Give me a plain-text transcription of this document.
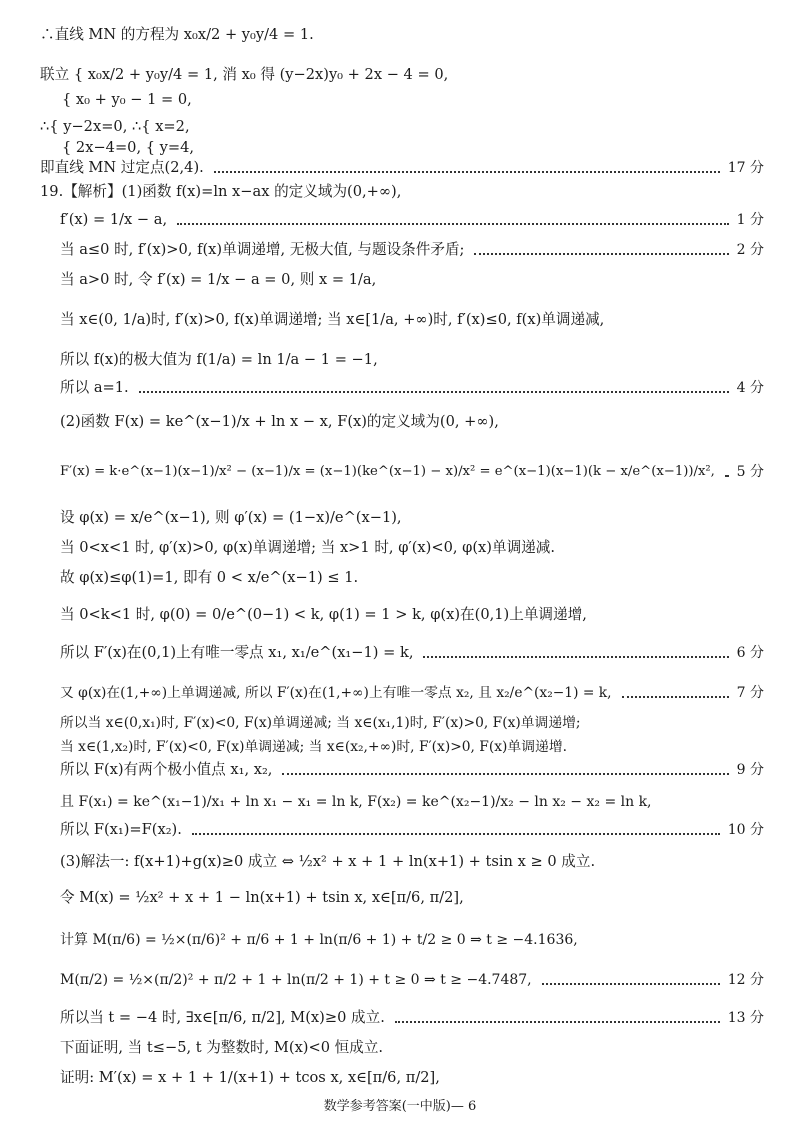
∴直线 MN 的方程为 x₀x/2 + y₀y/4 = 1.
联立 { x₀x/2 + y₀y/4 = 1, 消 x₀ 得 (y−2x)y₀ + 2x − 4 = 0,
{ x₀ + y₀ − 1 = 0,
∴{ y−2x=0, ∴{ x=2,
{ 2x−4=0, { y=4,
即直线 MN 过定点(2,4).	17 分
19.【解析】(1)函数 f(x)=ln x−ax 的定义域为(0,+∞),
f′(x) = 1/x − a,	1 分
当 a≤0 时, f′(x)>0, f(x)单调递增, 无极大值, 与题设条件矛盾;	2 分
当 a>0 时, 令 f′(x) = 1/x − a = 0, 则 x = 1/a,
当 x∈(0, 1/a)时, f′(x)>0, f(x)单调递增; 当 x∈[1/a, +∞)时, f′(x)≤0, f(x)单调递减,
所以 f(x)的极大值为 f(1/a) = ln 1/a − 1 = −1,
所以 a=1.	4 分
(2)函数 F(x) = ke^(x−1)/x + ln x − x, F(x)的定义域为(0, +∞),
F′(x) = k·e^(x−1)(x−1)/x² − (x−1)/x = (x−1)(ke^(x−1) − x)/x² = e^(x−1)(x−1)(k − x/e^(x−1))/x², 5 分
设 φ(x) = x/e^(x−1), 则 φ′(x) = (1−x)/e^(x−1),
当 0<x<1 时, φ′(x)>0, φ(x)单调递增; 当 x>1 时, φ′(x)<0, φ(x)单调递减.
故 φ(x)≤φ(1)=1, 即有 0 < x/e^(x−1) ≤ 1.
当 0<k<1 时, φ(0) = 0/e^(0−1) < k, φ(1) = 1 > k, φ(x)在(0,1)上单调递增,
所以 F′(x)在(0,1)上有唯一零点 x₁, x₁/e^(x₁−1) = k,	6 分
又 φ(x)在(1,+∞)上单调递减, 所以 F′(x)在(1,+∞)上有唯一零点 x₂, 且 x₂/e^(x₂−1) = k,	7 分
所以当 x∈(0,x₁)时, F′(x)<0, F(x)单调递减; 当 x∈(x₁,1)时, F′(x)>0, F(x)单调递增;
当 x∈(1,x₂)时, F′(x)<0, F(x)单调递减; 当 x∈(x₂,+∞)时, F′(x)>0, F(x)单调递增.
所以 F(x)有两个极小值点 x₁, x₂,	9 分
且 F(x₁) = ke^(x₁−1)/x₁ + ln x₁ − x₁ = ln k, F(x₂) = ke^(x₂−1)/x₂ − ln x₂ − x₂ = ln k,
所以 F(x₁)=F(x₂).	10 分
(3)解法一: f(x+1)+g(x)≥0 成立 ⇔ ½x² + x + 1 + ln(x+1) + tsin x ≥ 0 成立.
令 M(x) = ½x² + x + 1 − ln(x+1) + tsin x, x∈[π/6, π/2],
计算 M(π/6) = ½×(π/6)² + π/6 + 1 + ln(π/6 + 1) + t/2 ≥ 0 ⇒ t ≥ −4.1636,
M(π/2) = ½×(π/2)² + π/2 + 1 + ln(π/2 + 1) + t ≥ 0 ⇒ t ≥ −4.7487,	12 分
所以当 t = −4 时, ∃x∈[π/6, π/2], M(x)≥0 成立.	13 分
下面证明, 当 t≤−5, t 为整数时, M(x)<0 恒成立.
证明: M′(x) = x + 1 + 1/(x+1) + tcos x, x∈[π/6, π/2],
数学参考答案(一中版)— 6
